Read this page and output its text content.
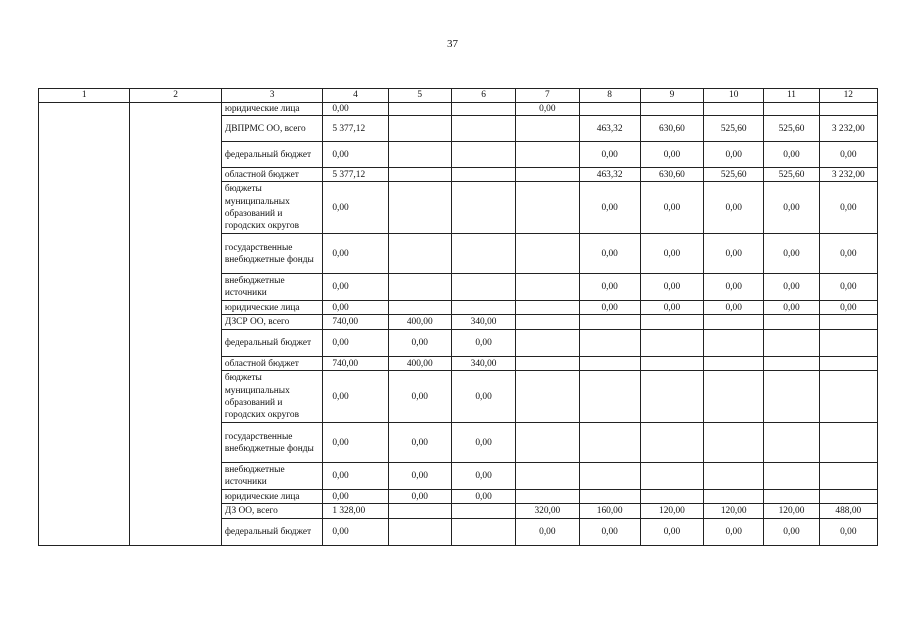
37
1	2	3	4	5	6	7	8	9	10	11	12
		юридические лица	0,00			0,00					
		ДВПРМС ОО, всего	5 377,12				463,32	630,60	525,60	525,60	3 232,00
		федеральный бюджет	0,00				0,00	0,00	0,00	0,00	0,00
		областной бюджет	5 377,12				463,32	630,60	525,60	525,60	3 232,00
		бюджеты муниципальных образований и городских округов	0,00				0,00	0,00	0,00	0,00	0,00
		государственные внебюджетные фонды	0,00				0,00	0,00	0,00	0,00	0,00
		внебюджетные источники	0,00				0,00	0,00	0,00	0,00	0,00
		юридические лица	0,00				0,00	0,00	0,00	0,00	0,00
		ДЗСР ОО, всего	740,00	400,00	340,00						
		федеральный бюджет	0,00	0,00	0,00						
		областной бюджет	740,00	400,00	340,00						
		бюджеты муниципальных образований и городских округов	0,00	0,00	0,00						
		государственные внебюджетные фонды	0,00	0,00	0,00						
		внебюджетные источники	0,00	0,00	0,00						
		юридические лица	0,00	0,00	0,00						
		ДЗ ОО, всего	1 328,00			320,00	160,00	120,00	120,00	120,00	488,00
		федеральный бюджет	0,00			0,00	0,00	0,00	0,00	0,00	0,00
